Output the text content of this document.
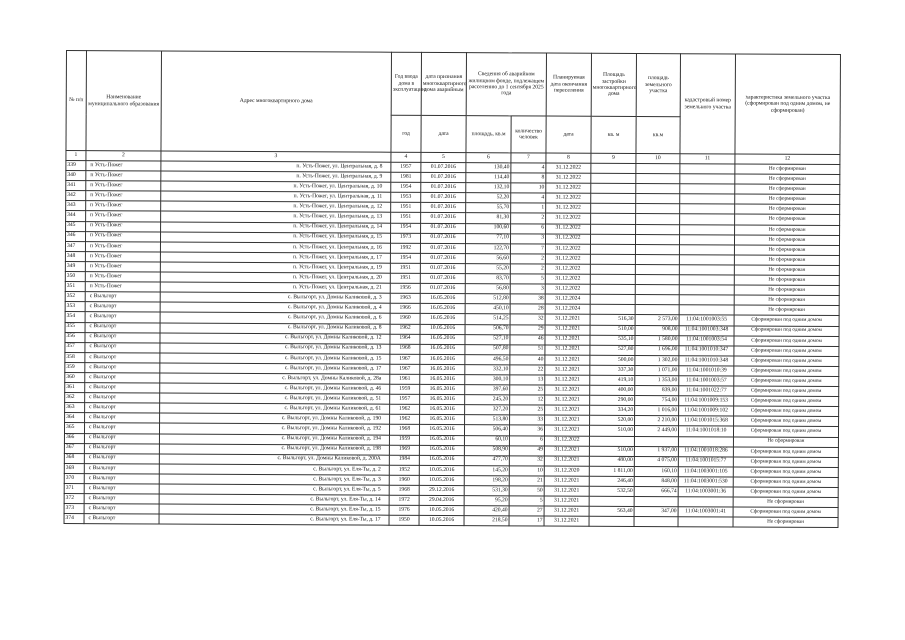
№ п/п	Наименование муниципального образования	Адрес многоквартирного дома	Год ввода дома в эксплуатацию	дата признания многоквартирного дома аварийным	Сведения об аварийном жилищном фонде, подлежащем расселению до 1 сентября 2025 года		Планируемая дата окончания переселения	Площадь застройки многоквартирного дома	площадь земельного участка	кадастровый номер земельного участка	характеристика земельного участка (сформирован под одним домом, не сформирован)
			год	дата	площадь, кв.м	количество человек	дата	кв. м	кв.м		
1	2	3	4	5	6	7	8	9	10	11	12
339	п Усть-Пожег	п. Усть-Пожег, ул. Центральная, д. 8	1957	01.07.2016	130,40	4	31.12.2022				Не сформирован
340	п Усть-Пожег	п. Усть-Пожег, ул. Центральная, д. 9	1981	01.07.2016	114,40	8	31.12.2022				Не сформирован
341	п Усть-Пожег	п. Усть-Пожег, ул. Центральная, д. 10	1954	01.07.2016	132,10	10	31.12.2022				Не сформирован
342	п Усть-Пожег	п. Усть-Пожег, ул. Центральная, д. 11	1953	01.07.2016	52,20	4	31.12.2022				Не сформирован
343	п Усть-Пожег	п. Усть-Пожег, ул. Центральная, д. 12	1951	01.07.2016	55,70	1	31.12.2022				Не сформирован
344	п Усть-Пожег	п. Усть-Пожег, ул. Центральная, д. 13	1951	01.07.2016	81,30	2	31.12.2022				Не сформирован
345	п Усть-Пожег	п. Усть-Пожег, ул. Центральная, д. 14	1954	01.07.2016	100,60	6	31.12.2022				Не сформирован
346	п Усть-Пожег	п. Усть-Пожег, ул. Центральная, д. 15	1973	01.07.2016	77,10	3	31.12.2022				Не сформирован
347	п Усть-Пожег	п. Усть-Пожег, ул. Центральная, д. 16	1992	01.07.2016	122,70	7	31.12.2022				Не сформирован
348	п Усть-Пожег	п. Усть-Пожег, ул. Центральная, д. 17	1954	01.07.2016	56,60	2	31.12.2022				Не сформирован
349	п Усть-Пожег	п. Усть-Пожег, ул. Центральная, д. 19	1951	01.07.2016	55,20	2	31.12.2022				Не сформирован
350	п Усть-Пожег	п. Усть-Пожег, ул. Центральная, д. 20	1951	01.07.2016	83,70	5	31.12.2022				Не сформирован
351	п Усть-Пожег	п. Усть-Пожег, ул. Центральная, д. 21	1956	01.07.2016	56,80	3	31.12.2022				Не сформирован
352	с Выльгорт	с. Выльгорт, ул. Домны Каликовой, д. 3	1963	16.05.2016	512,80	38	31.12.2024				Не сформирован
353	с Выльгорт	с. Выльгорт, ул. Домны Каликовой, д. 4	1966	16.05.2016	450,10	28	31.12.2024				Не сформирован
354	с Выльгорт	с. Выльгорт, ул. Домны Каликовой, д. 6	1960	16.05.2016	514,25	32	31.12.2021	516,30	2 573,00	11:04:1001003:55	Сформирован под одним домом
355	с Выльгорт	с. Выльгорт, ул. Домны Каликовой, д. 8	1962	10.05.2016	506,70	29	31.12.2021	510,00	908,00	11:04:1001003:348	Сформирован под одним домом
356	с Выльгорт	с. Выльгорт, ул. Домны Каликовой, д. 12	1964	16.05.2016	527,10	46	31.12.2021	535,10	1 580,00	11:04:1001003:54	Сформирован под одним домом
357	с Выльгорт	с. Выльгорт, ул. Домны Каликовой, д. 13	1968	16.05.2016	507,80	51	31.12.2021	527,80	1 696,00	11:04:1001010:347	Сформирован под одним домом
358	с Выльгорт	с. Выльгорт, ул. Домны Каликовой, д. 15	1967	16.05.2016	496,50	40	31.12.2021	500,00	1 302,00	11:04:1001010:348	Сформирован под одним домом
359	с Выльгорт	с. Выльгорт, ул. Домны Каликовой, д. 17	1967	16.05.2016	332,10	22	31.12.2021	337,30	1 071,00	11:04:1001010:39	Сформирован под одним домом
360	с Выльгорт	с. Выльгорт, ул. Домны Каликовой, д. 28а	1961	16.05.2016	300,10	13	31.12.2021	419,10	1 353,00	11:04:1001003:57	Сформирован под одним домом
361	с Выльгорт	с. Выльгорт, ул. Домны Каликовой, д. 46	1959	16.05.2016	397,60	25	31.12.2021	400,00	839,00	11:04:1001022:77	Сформирован под одним домом
362	с Выльгорт	с. Выльгорт, ул. Домны Каликовой, д. 51	1957	16.05.2016	245,20	12	31.12.2021	290,00	754,00	11:04:1001009:153	Сформирован под одним домом
363	с Выльгорт	с. Выльгорт, ул. Домны Каликовой, д. 61	1962	16.05.2016	327,20	25	31.12.2021	334,20	1 016,00	11:04:1001009:102	Сформирован под одним домом
364	с Выльгорт	с. Выльгорт, ул. Домны Каликовой, д. 190	1962	16.05.2016	513,80	33	31.12.2021	520,00	2 210,00	11:04:1001015:368	Сформирован под одним домом
365	с Выльгорт	с. Выльгорт, ул. Домны Каликовой, д. 192	1968	16.05.2016	506,40	36	31.12.2021	510,00	2 449,00	11:04:1001018:10	Сформирован под одним домом
366	с Выльгорт	с. Выльгорт, ул. Домны Каликовой, д. 194	1959	16.05.2016	60,10	6	31.12.2022				Не сформирован
367	с Выльгорт	с. Выльгорт, ул. Домны Каликовой, д. 198	1969	16.05.2016	508,90	49	31.12.2021	510,00	1 937,00	11:04:1001018:286	Сформирован под одним домом
368	с Выльгорт	с. Выльгорт, ул. Домны Каликовой, д. 200А	1984	16.05.2016	477,70	32	31.12.2021	480,00	4 075,00	11:04:1001015:77	Сформирован под одним домом
369	с Выльгорт	с. Выльгорт, ул. Еля-Ты, д. 2	1952	10.05.2016	145,20	10	31.12.2020	1 811,00	160,10	11:04:1003001:105	Сформирован под одним домом
370	с Выльгорт	с. Выльгорт, ул. Еля-Ты, д. 3	1960	10.05.2016	198,20	21	31.12.2021	246,40	848,00	11:04:1003001:530	Сформирован под одним домом
371	с Выльгорт	с. Выльгорт, ул. Еля-Ты, д. 5	1968	29.12.2016	531,30	50	31.12.2021	532,50	666,74	11:04:1003001:36	Сформирован под одним домом
372	с Выльгорт	с. Выльгорт, ул. Еля-Ты, д. 14	1972	29.04.2016	95,20	5	31.12.2021				Не сформирован
373	с Выльгорт	с. Выльгорт, ул. Еля-Ты, д. 15	1976	10.05.2016	420,40	27	31.12.2021	563,40	347,00	11:04:1003001:41	Сформирован под одним домом
374	с Выльгорт	с. Выльгорт, ул. Еля-Ты, д. 17	1950	10.05.2016	218,50	17	31.12.2021				Не сформирован
